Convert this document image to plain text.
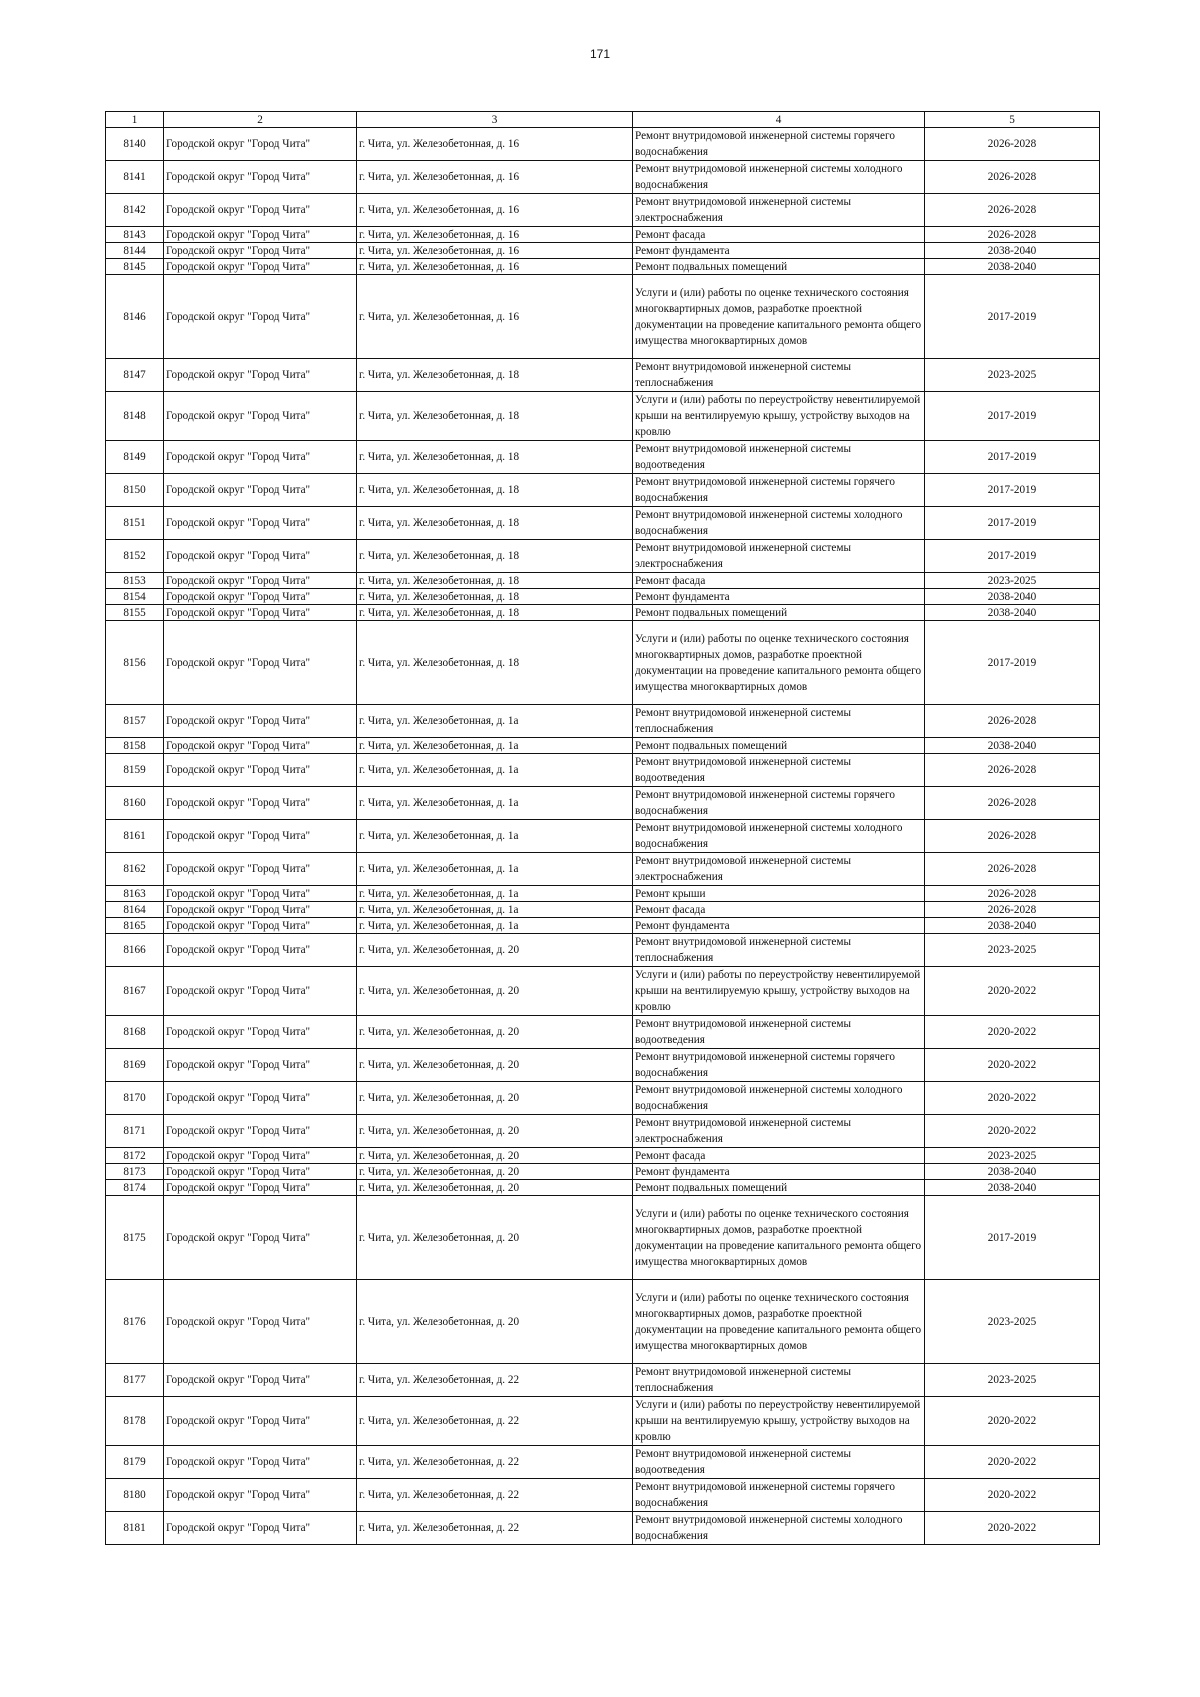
171
1	2	3	4	5
8140	Городской округ "Город Чита"	г. Чита, ул. Железобетонная, д. 16	Ремонт внутридомовой инженерной системы горячего водоснабжения	2026-2028
8141	Городской округ "Город Чита"	г. Чита, ул. Железобетонная, д. 16	Ремонт внутридомовой инженерной системы холодного водоснабжения	2026-2028
8142	Городской округ "Город Чита"	г. Чита, ул. Железобетонная, д. 16	Ремонт внутридомовой инженерной системы электроснабжения	2026-2028
8143	Городской округ "Город Чита"	г. Чита, ул. Железобетонная, д. 16	Ремонт фасада	2026-2028
8144	Городской округ "Город Чита"	г. Чита, ул. Железобетонная, д. 16	Ремонт фундамента	2038-2040
8145	Городской округ "Город Чита"	г. Чита, ул. Железобетонная, д. 16	Ремонт подвальных помещений	2038-2040
8146	Городской округ "Город Чита"	г. Чита, ул. Железобетонная, д. 16	Услуги и (или) работы по оценке технического состояния многоквартирных домов, разработке проектной документации на проведение капитального ремонта общего имущества многоквартирных домов	2017-2019
8147	Городской округ "Город Чита"	г. Чита, ул. Железобетонная, д. 18	Ремонт внутридомовой инженерной системы теплоснабжения	2023-2025
8148	Городской округ "Город Чита"	г. Чита, ул. Железобетонная, д. 18	Услуги и (или) работы по переустройству невентилируемой крыши на вентилируемую крышу, устройству выходов на кровлю	2017-2019
8149	Городской округ "Город Чита"	г. Чита, ул. Железобетонная, д. 18	Ремонт внутридомовой инженерной системы водоотведения	2017-2019
8150	Городской округ "Город Чита"	г. Чита, ул. Железобетонная, д. 18	Ремонт внутридомовой инженерной системы горячего водоснабжения	2017-2019
8151	Городской округ "Город Чита"	г. Чита, ул. Железобетонная, д. 18	Ремонт внутридомовой инженерной системы холодного водоснабжения	2017-2019
8152	Городской округ "Город Чита"	г. Чита, ул. Железобетонная, д. 18	Ремонт внутридомовой инженерной системы электроснабжения	2017-2019
8153	Городской округ "Город Чита"	г. Чита, ул. Железобетонная, д. 18	Ремонт фасада	2023-2025
8154	Городской округ "Город Чита"	г. Чита, ул. Железобетонная, д. 18	Ремонт фундамента	2038-2040
8155	Городской округ "Город Чита"	г. Чита, ул. Железобетонная, д. 18	Ремонт подвальных помещений	2038-2040
8156	Городской округ "Город Чита"	г. Чита, ул. Железобетонная, д. 18	Услуги и (или) работы по оценке технического состояния многоквартирных домов, разработке проектной документации на проведение капитального ремонта общего имущества многоквартирных домов	2017-2019
8157	Городской округ "Город Чита"	г. Чита, ул. Железобетонная, д. 1а	Ремонт внутридомовой инженерной системы теплоснабжения	2026-2028
8158	Городской округ "Город Чита"	г. Чита, ул. Железобетонная, д. 1а	Ремонт подвальных помещений	2038-2040
8159	Городской округ "Город Чита"	г. Чита, ул. Железобетонная, д. 1а	Ремонт внутридомовой инженерной системы водоотведения	2026-2028
8160	Городской округ "Город Чита"	г. Чита, ул. Железобетонная, д. 1а	Ремонт внутридомовой инженерной системы горячего водоснабжения	2026-2028
8161	Городской округ "Город Чита"	г. Чита, ул. Железобетонная, д. 1а	Ремонт внутридомовой инженерной системы холодного водоснабжения	2026-2028
8162	Городской округ "Город Чита"	г. Чита, ул. Железобетонная, д. 1а	Ремонт внутридомовой инженерной системы электроснабжения	2026-2028
8163	Городской округ "Город Чита"	г. Чита, ул. Железобетонная, д. 1а	Ремонт крыши	2026-2028
8164	Городской округ "Город Чита"	г. Чита, ул. Железобетонная, д. 1а	Ремонт фасада	2026-2028
8165	Городской округ "Город Чита"	г. Чита, ул. Железобетонная, д. 1а	Ремонт фундамента	2038-2040
8166	Городской округ "Город Чита"	г. Чита, ул. Железобетонная, д. 20	Ремонт внутридомовой инженерной системы теплоснабжения	2023-2025
8167	Городской округ "Город Чита"	г. Чита, ул. Железобетонная, д. 20	Услуги и (или) работы по переустройству невентилируемой крыши на вентилируемую крышу, устройству выходов на кровлю	2020-2022
8168	Городской округ "Город Чита"	г. Чита, ул. Железобетонная, д. 20	Ремонт внутридомовой инженерной системы водоотведения	2020-2022
8169	Городской округ "Город Чита"	г. Чита, ул. Железобетонная, д. 20	Ремонт внутридомовой инженерной системы горячего водоснабжения	2020-2022
8170	Городской округ "Город Чита"	г. Чита, ул. Железобетонная, д. 20	Ремонт внутридомовой инженерной системы холодного водоснабжения	2020-2022
8171	Городской округ "Город Чита"	г. Чита, ул. Железобетонная, д. 20	Ремонт внутридомовой инженерной системы электроснабжения	2020-2022
8172	Городской округ "Город Чита"	г. Чита, ул. Железобетонная, д. 20	Ремонт фасада	2023-2025
8173	Городской округ "Город Чита"	г. Чита, ул. Железобетонная, д. 20	Ремонт фундамента	2038-2040
8174	Городской округ "Город Чита"	г. Чита, ул. Железобетонная, д. 20	Ремонт подвальных помещений	2038-2040
8175	Городской округ "Город Чита"	г. Чита, ул. Железобетонная, д. 20	Услуги и (или) работы по оценке технического состояния многоквартирных домов, разработке проектной документации на проведение капитального ремонта общего имущества многоквартирных домов	2017-2019
8176	Городской округ "Город Чита"	г. Чита, ул. Железобетонная, д. 20	Услуги и (или) работы по оценке технического состояния многоквартирных домов, разработке проектной документации на проведение капитального ремонта общего имущества многоквартирных домов	2023-2025
8177	Городской округ "Город Чита"	г. Чита, ул. Железобетонная, д. 22	Ремонт внутридомовой инженерной системы теплоснабжения	2023-2025
8178	Городской округ "Город Чита"	г. Чита, ул. Железобетонная, д. 22	Услуги и (или) работы по переустройству невентилируемой крыши на вентилируемую крышу, устройству выходов на кровлю	2020-2022
8179	Городской округ "Город Чита"	г. Чита, ул. Железобетонная, д. 22	Ремонт внутридомовой инженерной системы водоотведения	2020-2022
8180	Городской округ "Город Чита"	г. Чита, ул. Железобетонная, д. 22	Ремонт внутридомовой инженерной системы горячего водоснабжения	2020-2022
8181	Городской округ "Город Чита"	г. Чита, ул. Железобетонная, д. 22	Ремонт внутридомовой инженерной системы холодного водоснабжения	2020-2022
